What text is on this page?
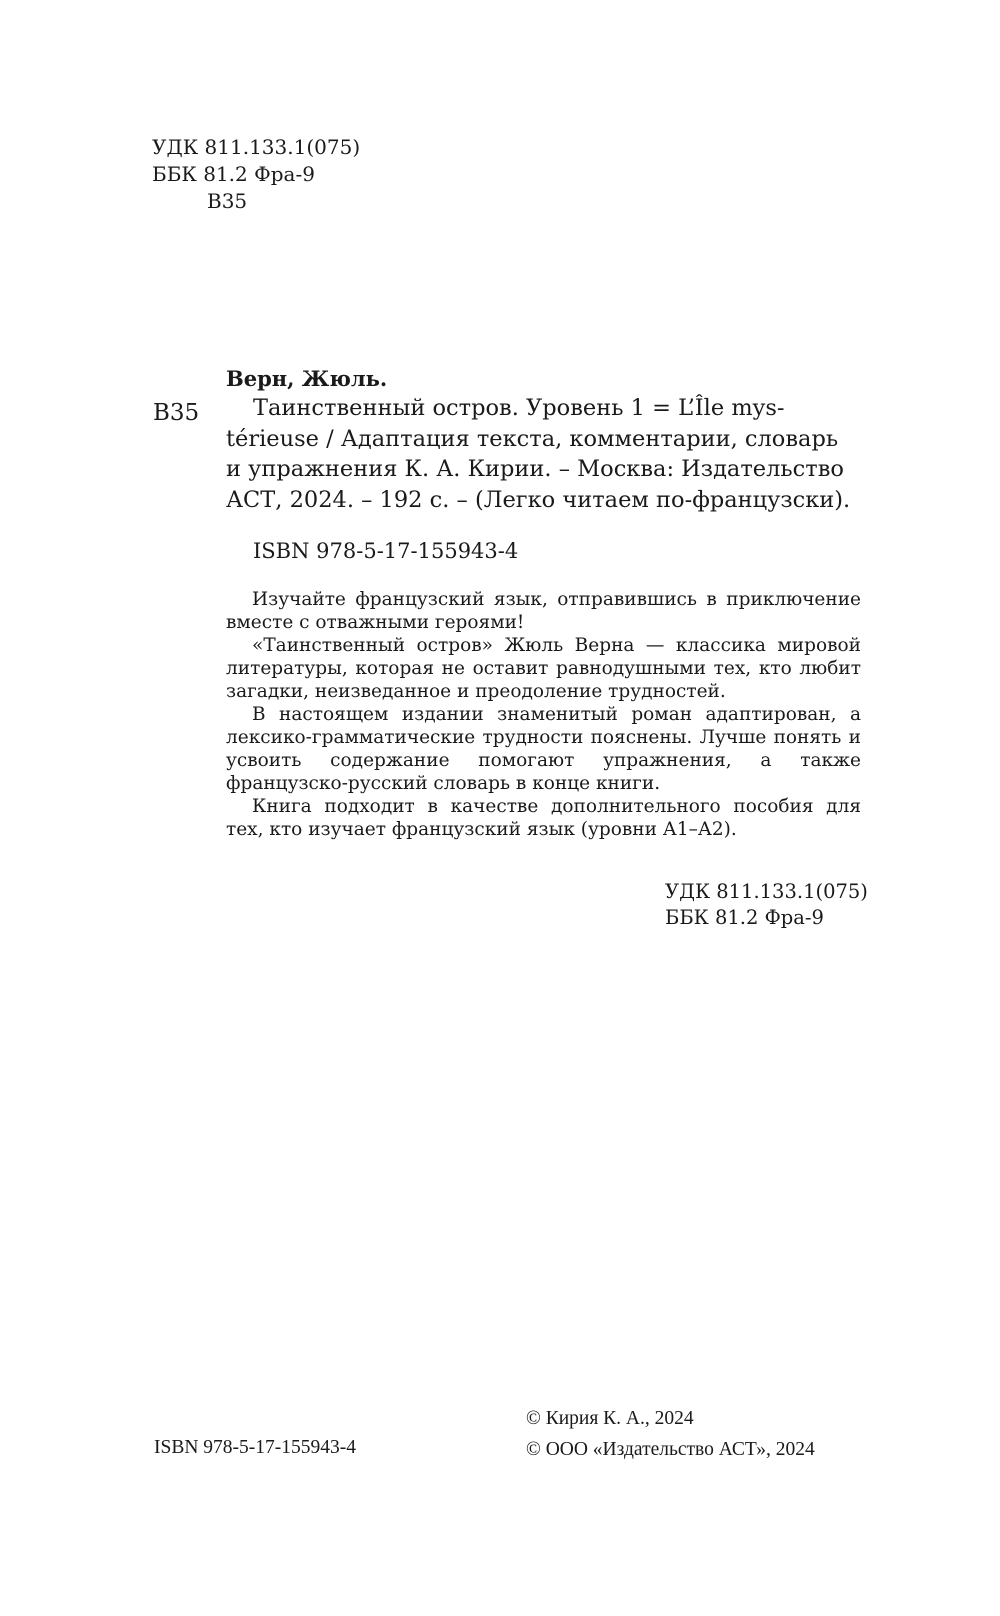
УДК 811.133.1(075)
ББК 81.2 Фра-9
В35
Верн, Жюль.
В35 Таинственный остров. Уровень 1 = L’Île mys-

térieuse / Адаптация текста, комментарии, словарь

и упражнения К. А. Кирии. – Москва: Издательство

АСТ, 2024. – 192 с. – (Легко читаем по-французски).

ISBN 978-5-17-155943-4

Изучайте французский язык, отправившись в приключение вместе с отважными героями!

«Таинственный остров» Жюль Верна — классика мировой литературы, которая не оставит равнодушными тех, кто любит загадки, неизведанное и преодоление трудностей.

В настоящем издании знаменитый роман адаптирован, а лексико-грамматические трудности пояснены. Лучше понять и усвоить содержание помогают упражнения, а также французско-русский словарь в конце книги.

Книга подходит в качестве дополнительного пособия для тех, кто изучает французский язык (уровни А1–А2).

УДК 811.133.1(075)
ББК 81.2 Фра-9
ISBN 978-5-17-155943-4
© Кирия К. А., 2024
© ООО «Издательство АСТ», 2024
